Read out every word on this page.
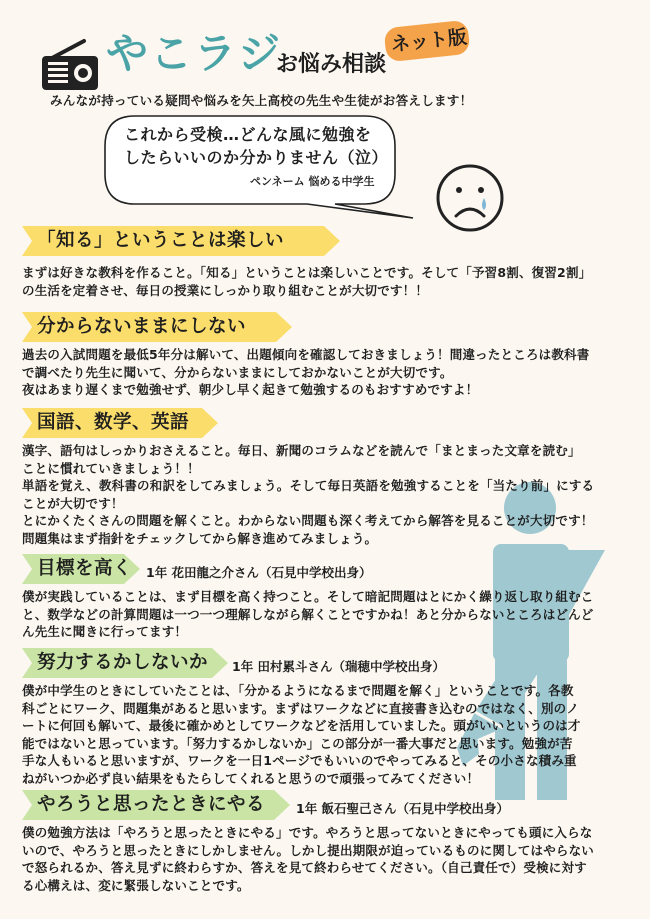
やこラジ
お悩み相談
ネット版
みんなが持っている疑問や悩みを矢上高校の先生や生徒がお答えします！
これから受検…どんな風に勉強を
したらいいのか分かりません（泣）
ペンネーム 悩める中学生
「知る」ということは楽しい
まずは好きな教科を作ること。「知る」ということは楽しいことです。そして「予習8割、復習2割」
の生活を定着させ、毎日の授業にしっかり取り組むことが大切です！！
分からないままにしない
過去の入試問題を最低5年分は解いて、出題傾向を確認しておきましょう！間違ったところは教科書
で調べたり先生に聞いて、分からないままにしておかないことが大切です。
夜はあまり遅くまで勉強せず、朝少し早く起きて勉強するのもおすすめですよ！
国語、数学、英語
漢字、語句はしっかりおさえること。毎日、新聞のコラムなどを読んで「まとまった文章を読む」
ことに慣れていきましょう！！
単語を覚え、教科書の和訳をしてみましょう。そして毎日英語を勉強することを「当たり前」にする
ことが大切です！
とにかくたくさんの問題を解くこと。わからない問題も深く考えてから解答を見ることが大切です！
問題集はまず指針をチェックしてから解き進めてみましょう。
目標を高く 1年 花田龍之介さん（石見中学校出身）
僕が実践していることは、まず目標を高く持つこと。そして暗記問題はとにかく繰り返し取り組むこ
と、数学などの計算問題は一つ一つ理解しながら解くことですかね！あと分からないところはどんど
ん先生に聞きに行ってます！
努力するかしないか 1年 田村累斗さん（瑞穂中学校出身）
僕が中学生のときにしていたことは、「分かるようになるまで問題を解く」ということです。各教
科ごとにワーク、問題集があると思います。まずはワークなどに直接書き込むのではなく、別のノ
ートに何回も解いて、最後に確かめとしてワークなどを活用していました。頭がいいというのは才
能ではないと思っています。「努力するかしないか」この部分が一番大事だと思います。勉強が苦
手な人もいると思いますが、ワークを一日1ページでもいいのでやってみると、その小さな積み重
ねがいつか必ず良い結果をもたらしてくれると思うので頑張ってみてください！
やろうと思ったときにやる 1年 飯石聖己さん（石見中学校出身）
僕の勉強方法は「やろうと思ったときにやる」です。やろうと思ってないときにやっても頭に入らな
いので、やろうと思ったときにしかしません。しかし提出期限が迫っているものに関してはやらない
で怒られるか、答え見ずに終わらすか、答えを見て終わらせてください。（自己責任で）受検に対す
る心構えは、変に緊張しないことです。
